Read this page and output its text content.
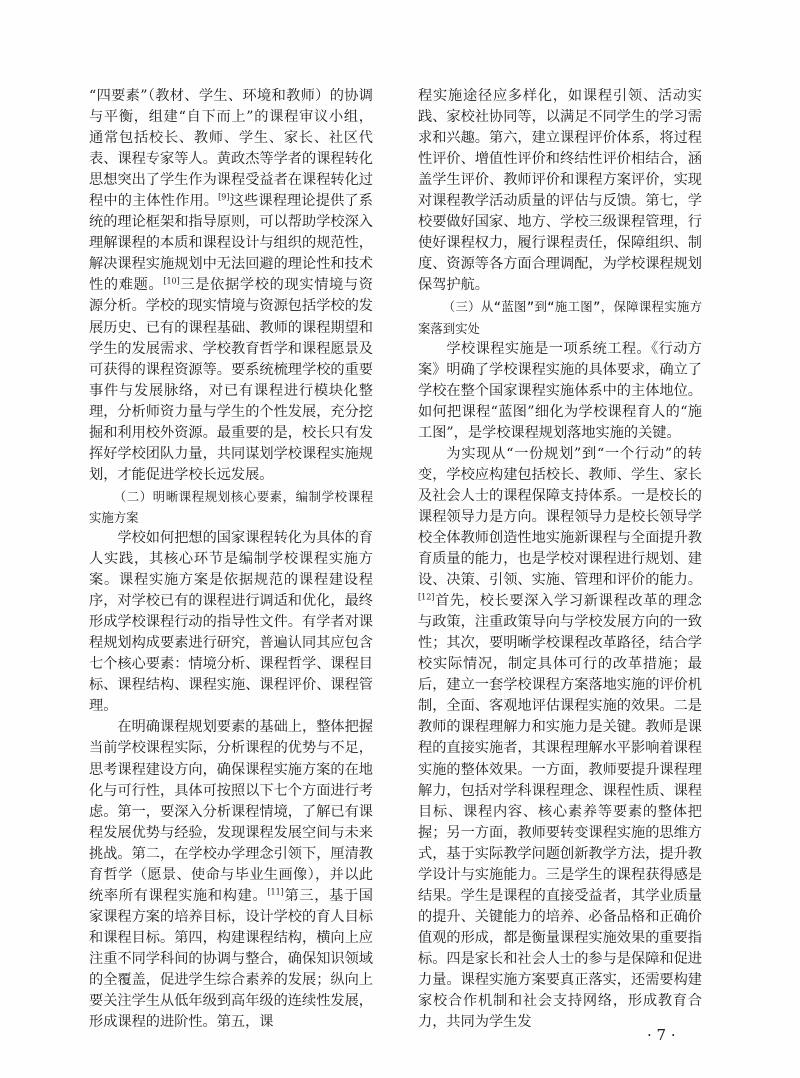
“四要素”（教材、学生、环境和教师）的协调与平衡，组建“自下而上”的课程审议小组，通常包括校长、教师、学生、家长、社区代表、课程专家等人。黄政杰等学者的课程转化思想突出了学生作为课程受益者在课程转化过程中的主体性作用。[9]这些课程理论提供了系统的理论框架和指导原则，可以帮助学校深入理解课程的本质和课程设计与组织的规范性，解决课程实施规划中无法回避的理论性和技术性的难题。[10]三是依据学校的现实情境与资源分析。学校的现实情境与资源包括学校的发展历史、已有的课程基础、教师的课程期望和学生的发展需求、学校教育哲学和课程愿景及可获得的课程资源等。要系统梳理学校的重要事件与发展脉络，对已有课程进行模块化整理，分析师资力量与学生的个性发展，充分挖掘和利用校外资源。最重要的是，校长只有发挥好学校团队力量，共同谋划学校课程实施规划，才能促进学校长远发展。

（二）明晰课程规划核心要素，编制学校课程实施方案

学校如何把想的国家课程转化为具体的育人实践，其核心环节是编制学校课程实施方案。课程实施方案是依据规范的课程建设程序，对学校已有的课程进行调适和优化，最终形成学校课程行动的指导性文件。有学者对课程规划构成要素进行研究，普遍认同其应包含七个核心要素：情境分析、课程哲学、课程目标、课程结构、课程实施、课程评价、课程管理。

在明确课程规划要素的基础上，整体把握当前学校课程实际，分析课程的优势与不足，思考课程建设方向，确保课程实施方案的在地化与可行性，具体可按照以下七个方面进行考虑。第一，要深入分析课程情境，了解已有课程发展优势与经验，发现课程发展空间与未来挑战。第二，在学校办学理念引领下，厘清教育哲学（愿景、使命与毕业生画像），并以此统率所有课程实施和构建。[11]第三，基于国家课程方案的培养目标，设计学校的育人目标和课程目标。第四，构建课程结构，横向上应注重不同学科间的协调与整合，确保知识领域的全覆盖，促进学生综合素养的发展；纵向上要关注学生从低年级到高年级的连续性发展，形成课程的进阶性。第五，课

程实施途径应多样化，如课程引领、活动实践、家校社协同等，以满足不同学生的学习需求和兴趣。第六，建立课程评价体系，将过程性评价、增值性评价和终结性评价相结合，涵盖学生评价、教师评价和课程方案评价，实现对课程教学活动质量的评估与反馈。第七，学校要做好国家、地方、学校三级课程管理，行使好课程权力，履行课程责任，保障组织、制度、资源等各方面合理调配，为学校课程规划保驾护航。

（三）从“蓝图”到“施工图”，保障课程实施方案落到实处

学校课程实施是一项系统工程。《行动方案》明确了学校课程实施的具体要求，确立了学校在整个国家课程实施体系中的主体地位。如何把课程“蓝图”细化为学校课程育人的“施工图”，是学校课程规划落地实施的关键。

为实现从“一份规划”到“一个行动”的转变，学校应构建包括校长、教师、学生、家长及社会人士的课程保障支持体系。一是校长的课程领导力是方向。课程领导力是校长领导学校全体教师创造性地实施新课程与全面提升教育质量的能力，也是学校对课程进行规划、建设、决策、引领、实施、管理和评价的能力。[12]首先，校长要深入学习新课程改革的理念与政策，注重政策导向与学校发展方向的一致性；其次，要明晰学校课程改革路径，结合学校实际情况，制定具体可行的改革措施；最后，建立一套学校课程方案落地实施的评价机制，全面、客观地评估课程实施的效果。二是教师的课程理解力和实施力是关键。教师是课程的直接实施者，其课程理解水平影响着课程实施的整体效果。一方面，教师要提升课程理解力，包括对学科课程理念、课程性质、课程目标、课程内容、核心素养等要素的整体把握；另一方面，教师要转变课程实施的思维方式，基于实际教学问题创新教学方法，提升教学设计与实施能力。三是学生的课程获得感是结果。学生是课程的直接受益者，其学业质量的提升、关键能力的培养、必备品格和正确价值观的形成，都是衡量课程实施效果的重要指标。四是家长和社会人士的参与是保障和促进力量。课程实施方案要真正落实，还需要构建家校合作机制和社会支持网络，形成教育合力，共同为学生发

· 7 ·
